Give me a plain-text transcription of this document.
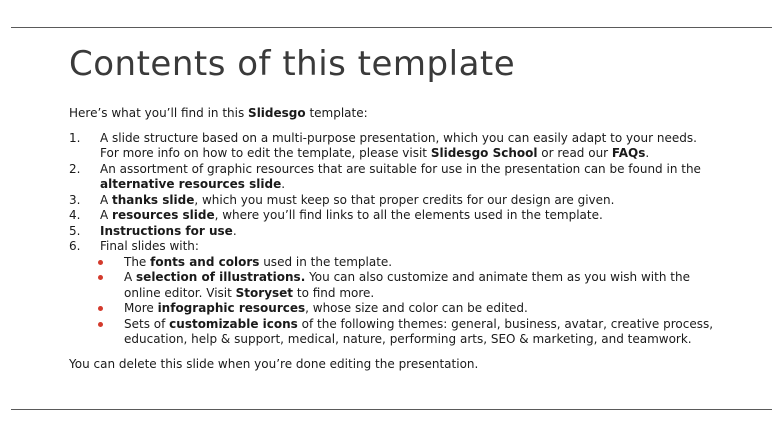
Contents of this template

Here’s what you’ll find in this Slidesgo template:

1. A slide structure based on a multi-purpose presentation, which you can easily adapt to your needs. For more info on how to edit the template, please visit Slidesgo School or read our FAQs.
2. An assortment of graphic resources that are suitable for use in the presentation can be found in the alternative resources slide.
3. A thanks slide, which you must keep so that proper credits for our design are given.
4. A resources slide, where you’ll find links to all the elements used in the template.
5. Instructions for use.
6. Final slides with:
The fonts and colors used in the template.
A selection of illustrations. You can also customize and animate them as you wish with the online editor. Visit Storyset to find more.
More infographic resources, whose size and color can be edited.
Sets of customizable icons of the following themes: general, business, avatar, creative process, education, help & support, medical, nature, performing arts, SEO & marketing, and teamwork.

You can delete this slide when you’re done editing the presentation.
